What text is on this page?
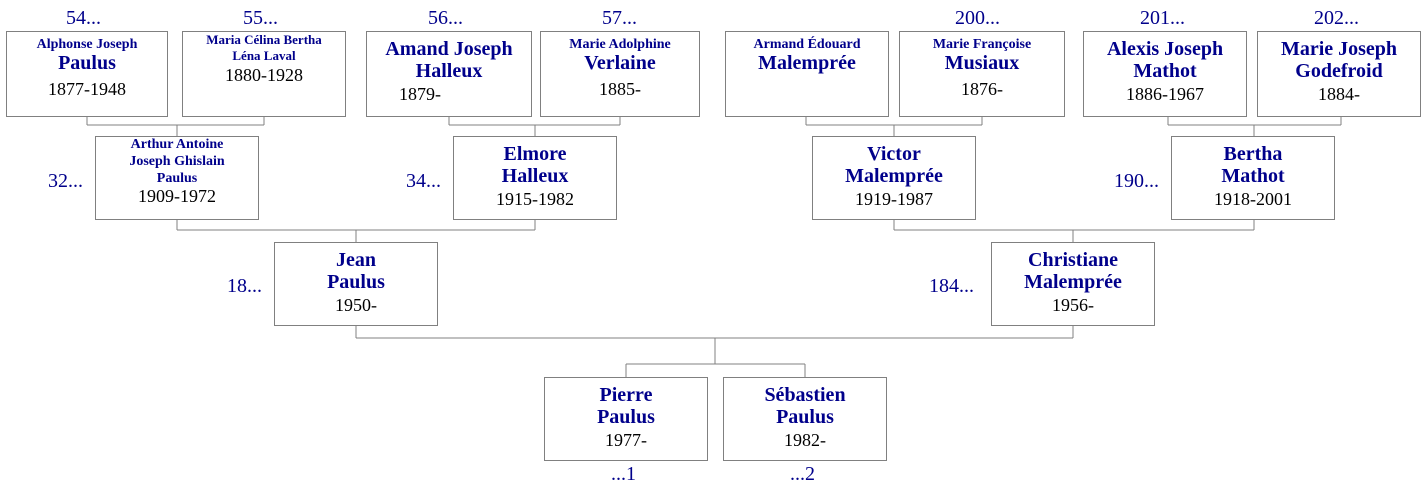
Alphonse Joseph
Paulus
1877-1948
Maria Célina Bertha Léna Laval
1880-1928
Amand Joseph
Halleux
1879-
Marie Adolphine
Verlaine
1885-
Armand Édouard
Malemprée
Marie Françoise
Musiaux
1876-
Alexis Joseph
Mathot
1886-1967
Marie Joseph
Godefroid
1884-
54...	55...	56...	57...	200...	201...	202...
Arthur Antoine Joseph Ghislain
Paulus
1909-1972
Elmore
Halleux
1915-1982
Victor
Malemprée
1919-1987
Bertha
Mathot
1918-2001
32...	34...	190...
Jean
Paulus
1950-
Christiane
Malemprée
1956-
18...	184...
Pierre
Paulus
1977-
Sébastien
Paulus
1982-
...1	...2
